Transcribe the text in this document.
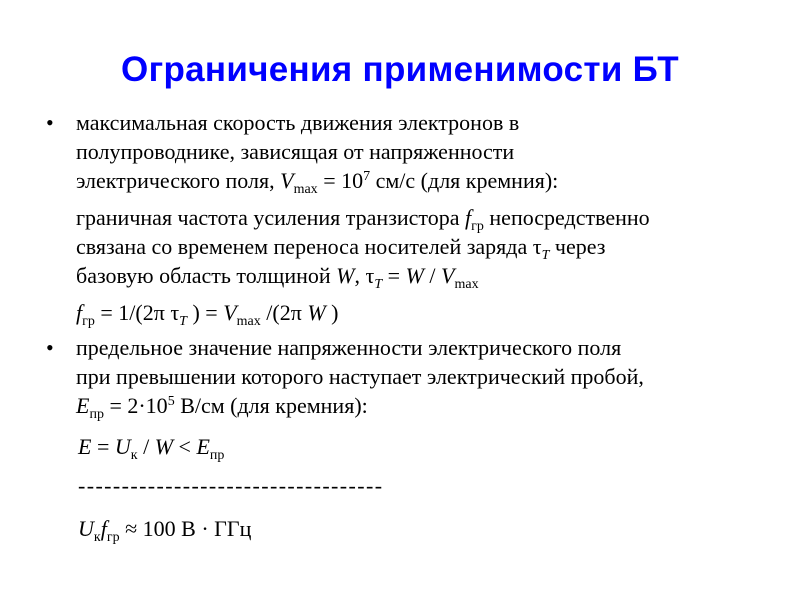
Ограничения применимости БТ
•	максимальная скорость движения электронов в
полупроводнике, зависящая от напряженности
электрического поля, $V_{max} = 10^7$ см/с (для кремния):
граничная частота усиления транзистора $f_{гр}$ непосредственно
связана со временем переноса носителей заряда $\tau_T$ через
базовую область толщиной W, $\tau_T = W / V_{max}$
$f_{гр} = 1/(2\pi$ $\tau_T$ ) = $V_{max}$ /(2π W )
•	предельное значение напряженности электрического поля
при превышении которого наступает электрический пробой,
$E_{пр} = 2\cdot 10^5$ В/см (для кремния):
$E = U_к / W < E_{пр}$
-----------------------------------
$U_кf_{гр} \approx 100$ В · ГГц
